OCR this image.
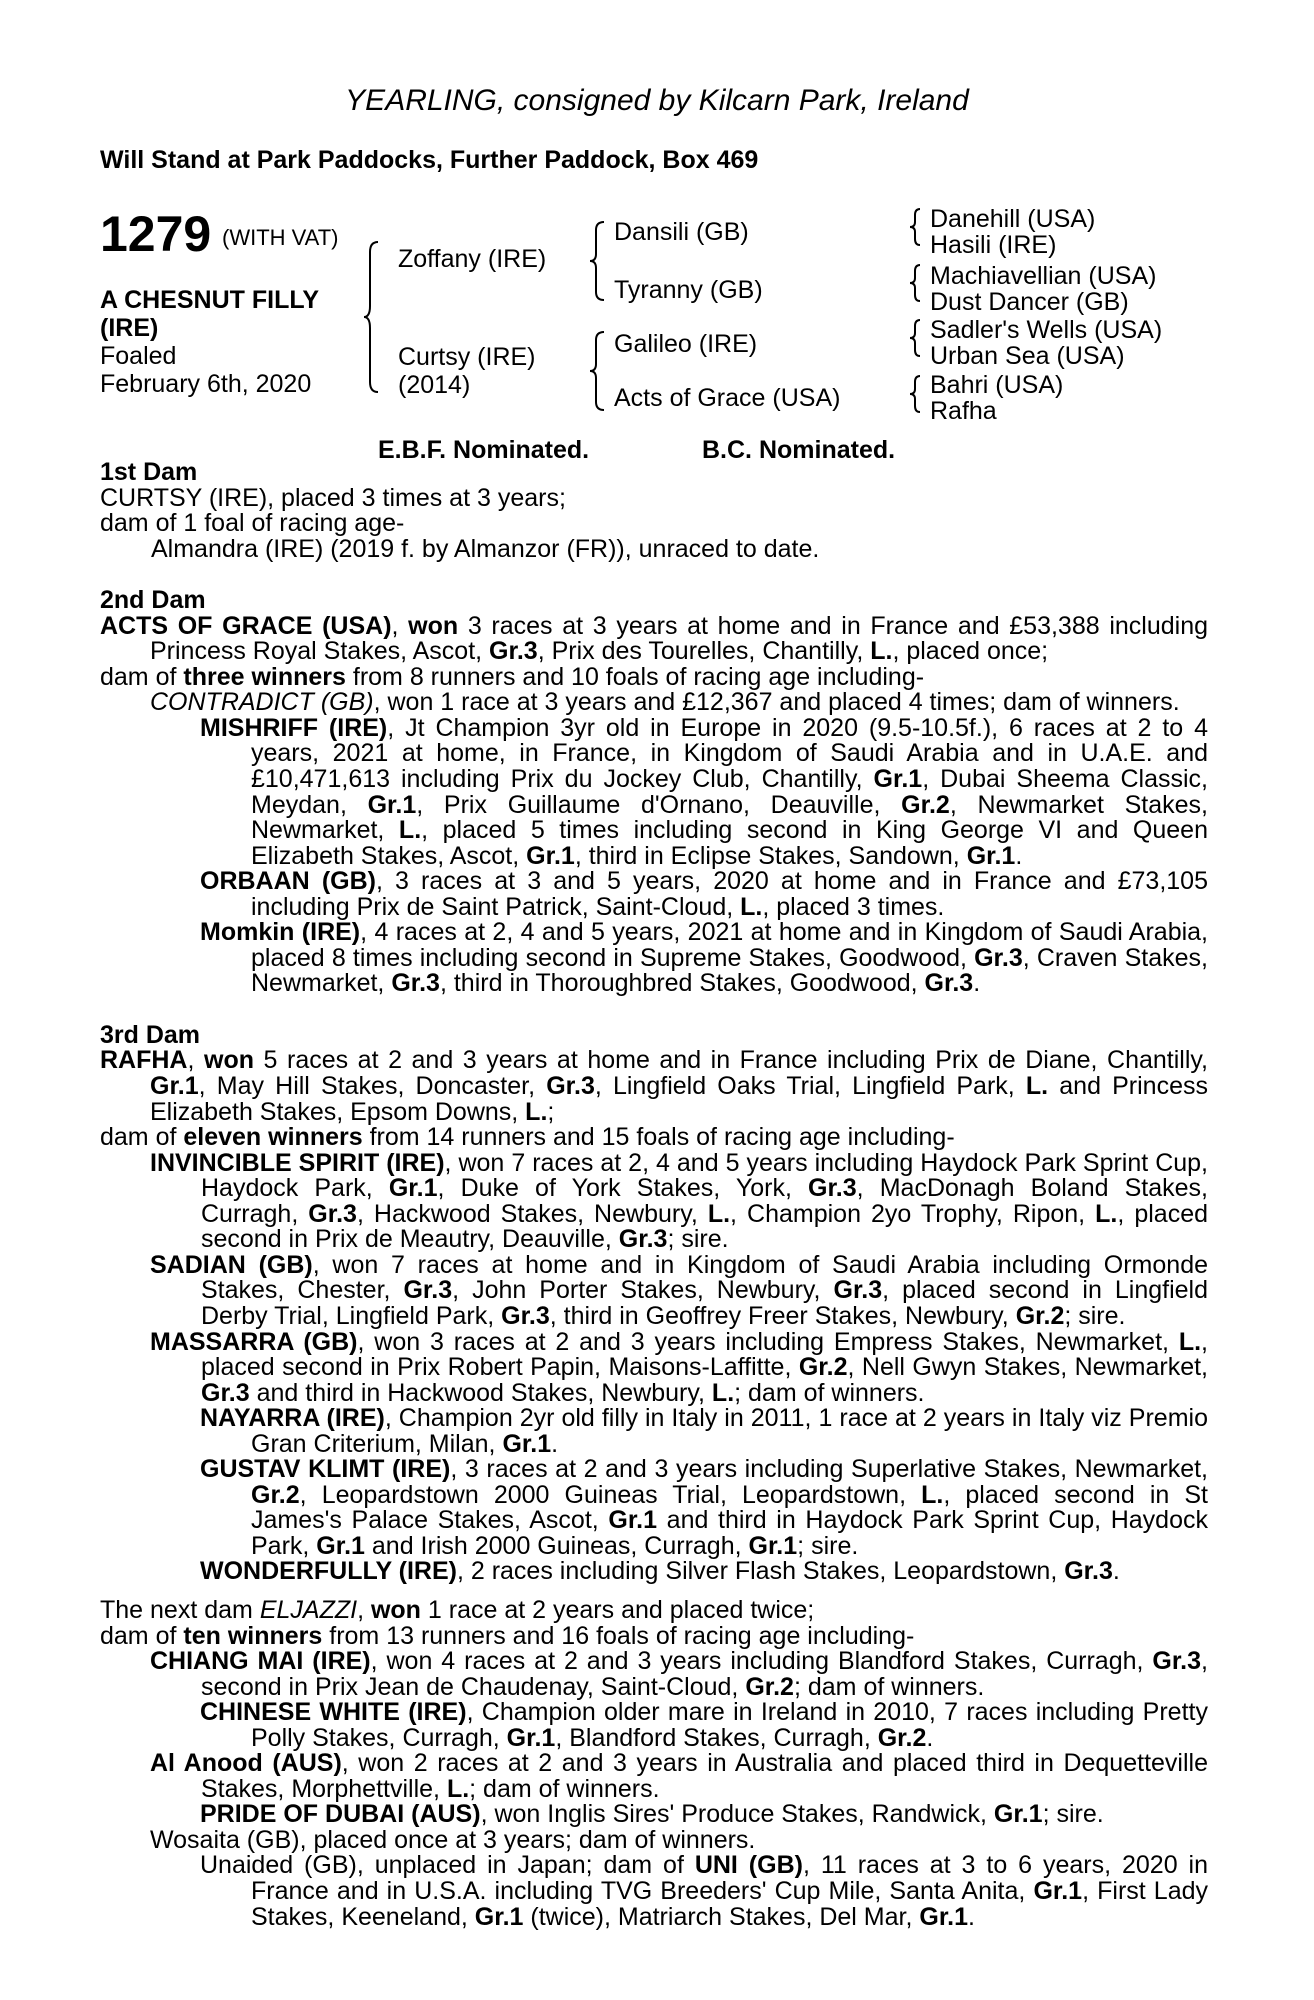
YEARLING, consigned by Kilcarn Park, Ireland
Will Stand at Park Paddocks, Further Paddock, Box 469
1279 (WITH VAT)
A CHESNUT FILLY
(IRE)
Foaled
February 6th, 2020
Zoffany (IRE)
Curtsy (IRE)
(2014)
Dansili (GB)
Tyranny (GB)
Galileo (IRE)
Acts of Grace (USA)
Danehill (USA)
Hasili (IRE)
Machiavellian (USA)
Dust Dancer (GB)
Sadler's Wells (USA)
Urban Sea (USA)
Bahri (USA)
Rafha
E.B.F. Nominated.	B.C. Nominated.

1st Dam

CURTSY (IRE), placed 3 times at 3 years;

dam of 1 foal of racing age-

Almandra (IRE) (2019 f. by Almanzor (FR)), unraced to date.

2nd Dam

ACTS OF GRACE (USA), won 3 races at 3 years at home and in France and £53,388 including Princess Royal Stakes, Ascot, Gr.3, Prix des Tourelles, Chantilly, L., placed once;

dam of three winners from 8 runners and 10 foals of racing age including-

CONTRADICT (GB), won 1 race at 3 years and £12,367 and placed 4 times; dam of winners.

MISHRIFF (IRE), Jt Champion 3yr old in Europe in 2020 (9.5-10.5f.), 6 races at 2 to 4 years, 2021 at home, in France, in Kingdom of Saudi Arabia and in U.A.E. and £10,471,613 including Prix du Jockey Club, Chantilly, Gr.1, Dubai Sheema Classic, Meydan, Gr.1, Prix Guillaume d'Ornano, Deauville, Gr.2, Newmarket Stakes, Newmarket, L., placed 5 times including second in King George VI and Queen Elizabeth Stakes, Ascot, Gr.1, third in Eclipse Stakes, Sandown, Gr.1.

ORBAAN (GB), 3 races at 3 and 5 years, 2020 at home and in France and £73,105 including Prix de Saint Patrick, Saint-Cloud, L., placed 3 times.

Momkin (IRE), 4 races at 2, 4 and 5 years, 2021 at home and in Kingdom of Saudi Arabia, placed 8 times including second in Supreme Stakes, Goodwood, Gr.3, Craven Stakes, Newmarket, Gr.3, third in Thoroughbred Stakes, Goodwood, Gr.3.

3rd Dam

RAFHA, won 5 races at 2 and 3 years at home and in France including Prix de Diane, Chantilly, Gr.1, May Hill Stakes, Doncaster, Gr.3, Lingfield Oaks Trial, Lingfield Park, L. and Princess Elizabeth Stakes, Epsom Downs, L.;

dam of eleven winners from 14 runners and 15 foals of racing age including-

INVINCIBLE SPIRIT (IRE), won 7 races at 2, 4 and 5 years including Haydock Park Sprint Cup, Haydock Park, Gr.1, Duke of York Stakes, York, Gr.3, MacDonagh Boland Stakes, Curragh, Gr.3, Hackwood Stakes, Newbury, L., Champion 2yo Trophy, Ripon, L., placed second in Prix de Meautry, Deauville, Gr.3; sire.

SADIAN (GB), won 7 races at home and in Kingdom of Saudi Arabia including Ormonde Stakes, Chester, Gr.3, John Porter Stakes, Newbury, Gr.3, placed second in Lingfield Derby Trial, Lingfield Park, Gr.3, third in Geoffrey Freer Stakes, Newbury, Gr.2; sire.

MASSARRA (GB), won 3 races at 2 and 3 years including Empress Stakes, Newmarket, L., placed second in Prix Robert Papin, Maisons-Laffitte, Gr.2, Nell Gwyn Stakes, Newmarket, Gr.3 and third in Hackwood Stakes, Newbury, L.; dam of winners.

NAYARRA (IRE), Champion 2yr old filly in Italy in 2011, 1 race at 2 years in Italy viz Premio Gran Criterium, Milan, Gr.1.

GUSTAV KLIMT (IRE), 3 races at 2 and 3 years including Superlative Stakes, Newmarket, Gr.2, Leopardstown 2000 Guineas Trial, Leopardstown, L., placed second in St James's Palace Stakes, Ascot, Gr.1 and third in Haydock Park Sprint Cup, Haydock Park, Gr.1 and Irish 2000 Guineas, Curragh, Gr.1; sire.

WONDERFULLY (IRE), 2 races including Silver Flash Stakes, Leopardstown, Gr.3.

The next dam ELJAZZI, won 1 race at 2 years and placed twice;

dam of ten winners from 13 runners and 16 foals of racing age including-

CHIANG MAI (IRE), won 4 races at 2 and 3 years including Blandford Stakes, Curragh, Gr.3, second in Prix Jean de Chaudenay, Saint-Cloud, Gr.2; dam of winners.

CHINESE WHITE (IRE), Champion older mare in Ireland in 2010, 7 races including Pretty Polly Stakes, Curragh, Gr.1, Blandford Stakes, Curragh, Gr.2.

Al Anood (AUS), won 2 races at 2 and 3 years in Australia and placed third in Dequetteville Stakes, Morphettville, L.; dam of winners.

PRIDE OF DUBAI (AUS), won Inglis Sires' Produce Stakes, Randwick, Gr.1; sire.

Wosaita (GB), placed once at 3 years; dam of winners.

Unaided (GB), unplaced in Japan; dam of UNI (GB), 11 races at 3 to 6 years, 2020 in France and in U.S.A. including TVG Breeders' Cup Mile, Santa Anita, Gr.1, First Lady Stakes, Keeneland, Gr.1 (twice), Matriarch Stakes, Del Mar, Gr.1.
